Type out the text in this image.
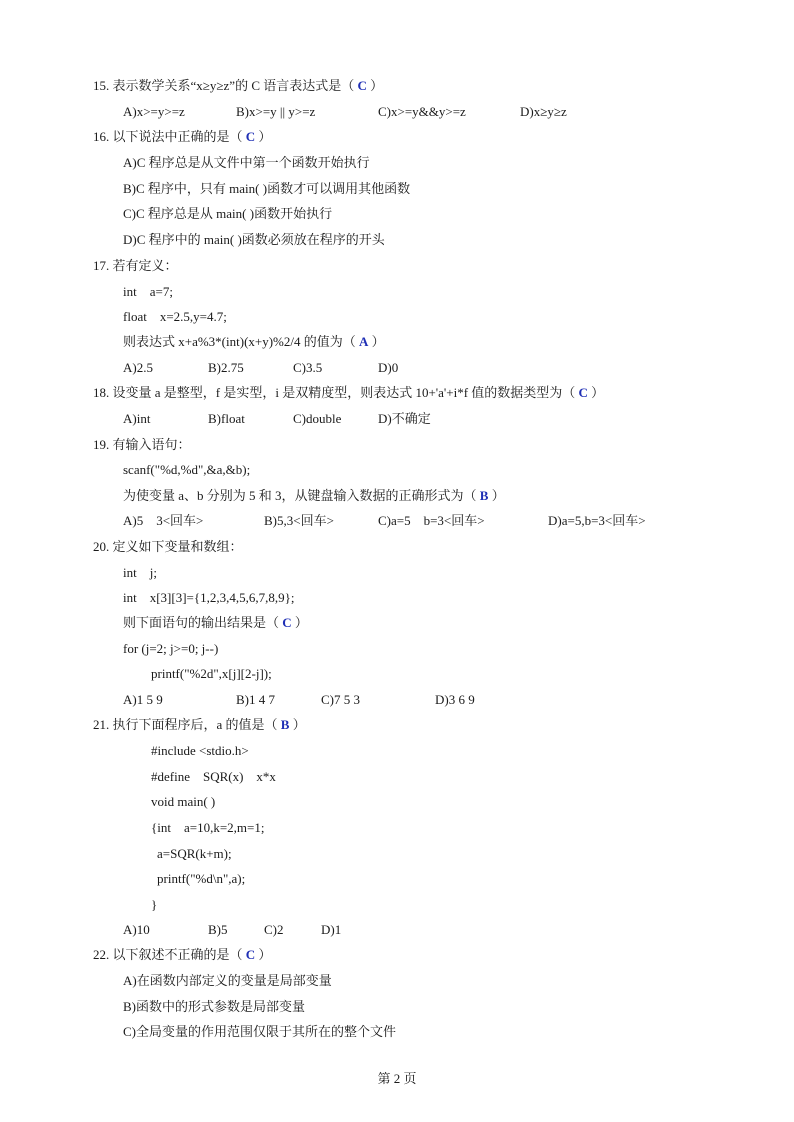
15. 表示数学关系“x≥y≥z”的 C 语言表达式是（ C ）
A)x>=y>=z	B)x>=y || y>=z	C)x>=y&&y>=z	D)x≥y≥z
16. 以下说法中正确的是（ C ）
A)C 程序总是从文件中第一个函数开始执行
B)C 程序中，只有 main( )函数才可以调用其他函数
C)C 程序总是从 main( )函数开始执行
D)C 程序中的 main( )函数必须放在程序的开头
17. 若有定义：
int    a=7;
float    x=2.5,y=4.7;
则表达式 x+a%3*(int)(x+y)%2/4 的值为（ A ）
A)2.5	B)2.75	C)3.5	D)0
18. 设变量 a 是整型，f 是实型，i 是双精度型，则表达式 10+'a'+i*f 值的数据类型为（ C ）
A)int	B)float	C)double	D)不确定
19. 有输入语句：
scanf("%d,%d",&a,&b);
为使变量 a、b 分别为 5 和 3，从键盘输入数据的正确形式为（ B ）
A)5    3<回车>	B)5,3<回车>	C)a=5    b=3<回车>	D)a=5,b=3<回车>
20. 定义如下变量和数组：
int    j;
int    x[3][3]={1,2,3,4,5,6,7,8,9};
则下面语句的输出结果是（ C ）
for (j=2; j>=0; j--)
printf("%2d",x[j][2-j]);
A)1 5 9	B)1 4 7	C)7 5 3	D)3 6 9
21. 执行下面程序后，a 的值是（ B ）
#include <stdio.h>
#define    SQR(x)    x*x
void main( )
{int    a=10,k=2,m=1;
a=SQR(k+m);
printf("%d\n",a);
}
A)10	B)5	C)2	D)1
22. 以下叙述不正确的是（ C ）
A)在函数内部定义的变量是局部变量
B)函数中的形式参数是局部变量
C)全局变量的作用范围仅限于其所在的整个文件
第 2 页
